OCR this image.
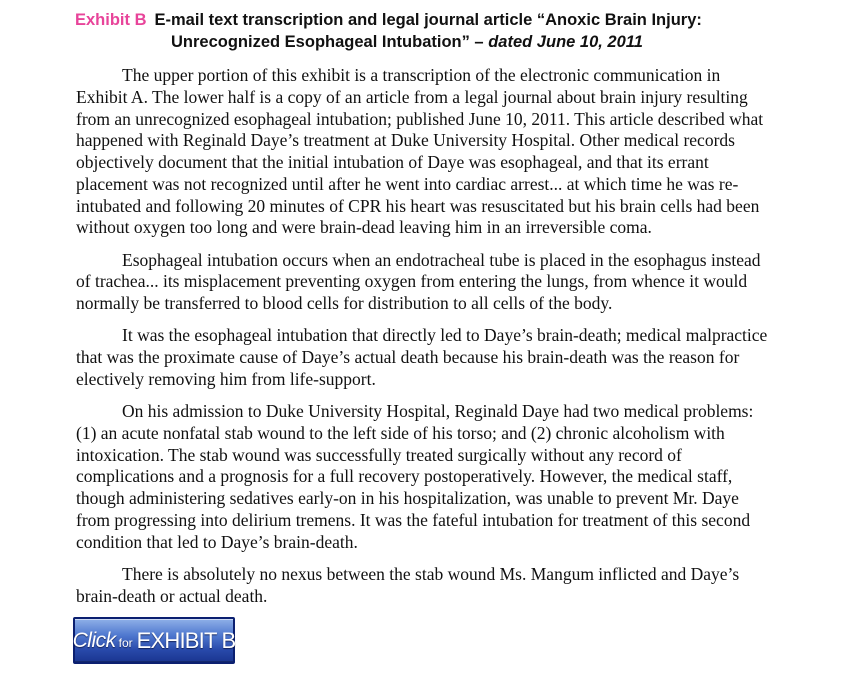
Exhibit B E-mail text transcription and legal journal article “Anoxic Brain Injury:
Unrecognized Esophageal Intubation” – dated June 10, 2011

The upper portion of this exhibit is a transcription of the electronic communication in Exhibit A. The lower half is a copy of an article from a legal journal about brain injury resulting from an unrecognized esophageal intubation; published June 10, 2011. This article described what happened with Reginald Daye’s treatment at Duke University Hospital. Other medical records objectively document that the initial intubation of Daye was esophageal, and that its errant placement was not recognized until after he went into cardiac arrest... at which time he was re-intubated and following 20 minutes of CPR his heart was resuscitated but his brain cells had been without oxygen too long and were brain-dead leaving him in an irreversible coma.

Esophageal intubation occurs when an endotracheal tube is placed in the esophagus instead of trachea... its misplacement preventing oxygen from entering the lungs, from whence it would normally be transferred to blood cells for distribution to all cells of the body.

It was the esophageal intubation that directly led to Daye’s brain-death; medical malpractice that was the proximate cause of Daye’s actual death because his brain-death was the reason for electively removing him from life-support.

On his admission to Duke University Hospital, Reginald Daye had two medical problems: (1) an acute nonfatal stab wound to the left side of his torso; and (2) chronic alcoholism with intoxication. The stab wound was successfully treated surgically without any record of complications and a prognosis for a full recovery postoperatively. However, the medical staff, though administering sedatives early-on in his hospitalization, was unable to prevent Mr. Daye from progressing into delirium tremens. It was the fateful intubation for treatment of this second condition that led to Daye’s brain-death.

There is absolutely no nexus between the stab wound Ms. Mangum inflicted and Daye’s brain-death or actual death.

Click for EXHIBIT B
